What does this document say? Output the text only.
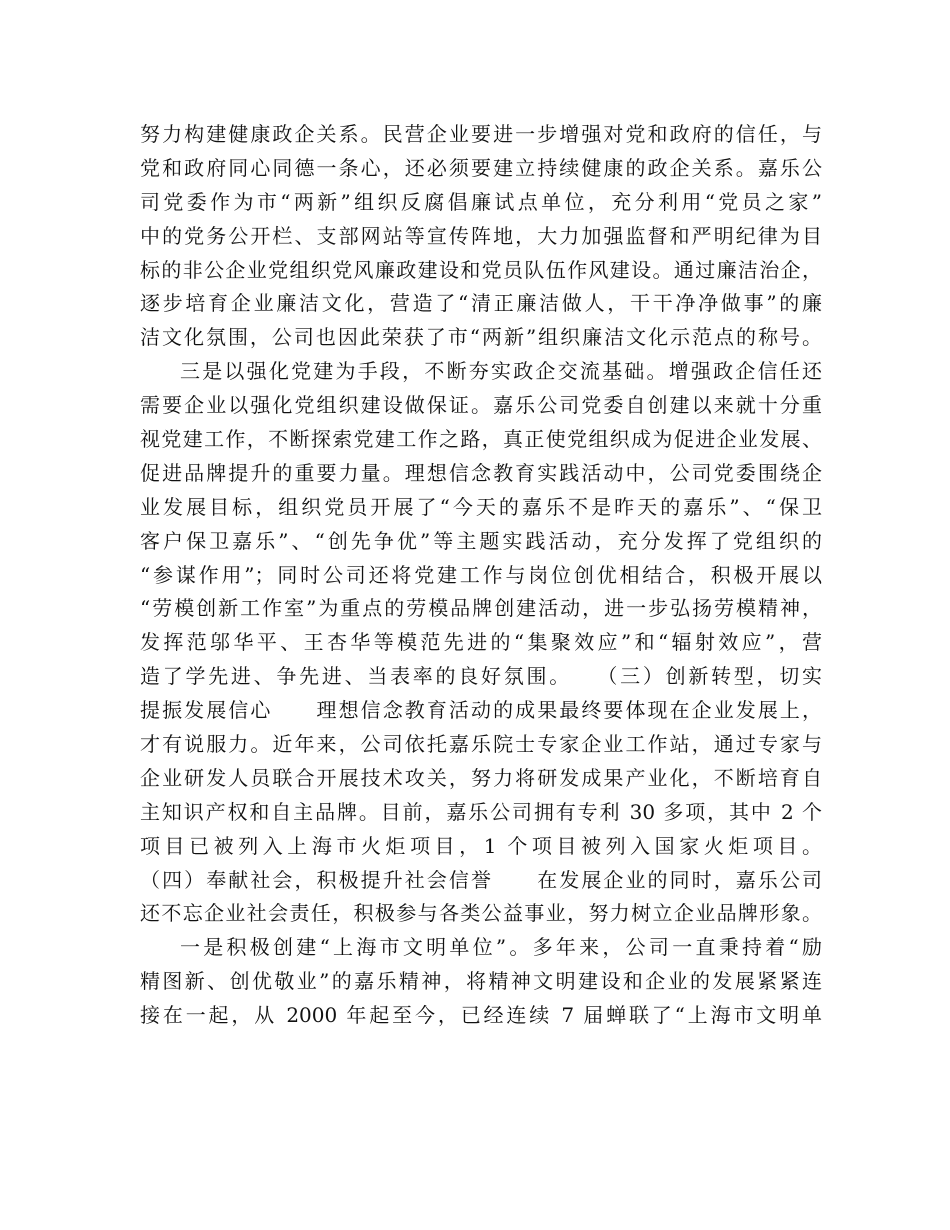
努力构建健康政企关系。民营企业要进一步增强对党和政府的信任，与
党和政府同心同德一条心，还必须要建立持续健康的政企关系。嘉乐公
司党委作为市“两新”组织反腐倡廉试点单位，充分利用“党员之家”
中的党务公开栏、支部网站等宣传阵地，大力加强监督和严明纪律为目
标的非公企业党组织党风廉政建设和党员队伍作风建设。通过廉洁治企，
逐步培育企业廉洁文化，营造了“清正廉洁做人，干干净净做事”的廉
洁文化氛围，公司也因此荣获了市“两新”组织廉洁文化示范点的称号。
三是以强化党建为手段，不断夯实政企交流基础。增强政企信任还
需要企业以强化党组织建设做保证。嘉乐公司党委自创建以来就十分重
视党建工作，不断探索党建工作之路，真正使党组织成为促进企业发展、
促进品牌提升的重要力量。理想信念教育实践活动中，公司党委围绕企
业发展目标，组织党员开展了“今天的嘉乐不是昨天的嘉乐”、“保卫
客户保卫嘉乐”、“创先争优”等主题实践活动，充分发挥了党组织的
“参谋作用”；同时公司还将党建工作与岗位创优相结合，积极开展以
“劳模创新工作室”为重点的劳模品牌创建活动，进一步弘扬劳模精神，
发挥范邬华平、王杏华等模范先进的“集聚效应”和“辐射效应”，营
造了学先进、争先进、当表率的良好氛围。　　（三）创新转型，切实
提振发展信心　　理想信念教育活动的成果最终要体现在企业发展上，
才有说服力。近年来，公司依托嘉乐院士专家企业工作站，通过专家与
企业研发人员联合开展技术攻关，努力将研发成果产业化，不断培育自
主知识产权和自主品牌。目前，嘉乐公司拥有专利 30 多项，其中 2 个
项目已被列入上海市火炬项目，1 个项目被列入国家火炬项目。
（四）奉献社会，积极提升社会信誉　　在发展企业的同时，嘉乐公司
还不忘企业社会责任，积极参与各类公益事业，努力树立企业品牌形象。
一是积极创建“上海市文明单位”。多年来，公司一直秉持着“励
精图新、创优敬业”的嘉乐精神，将精神文明建设和企业的发展紧紧连
接在一起，从 2000 年起至今，已经连续 7 届蝉联了“上海市文明单
